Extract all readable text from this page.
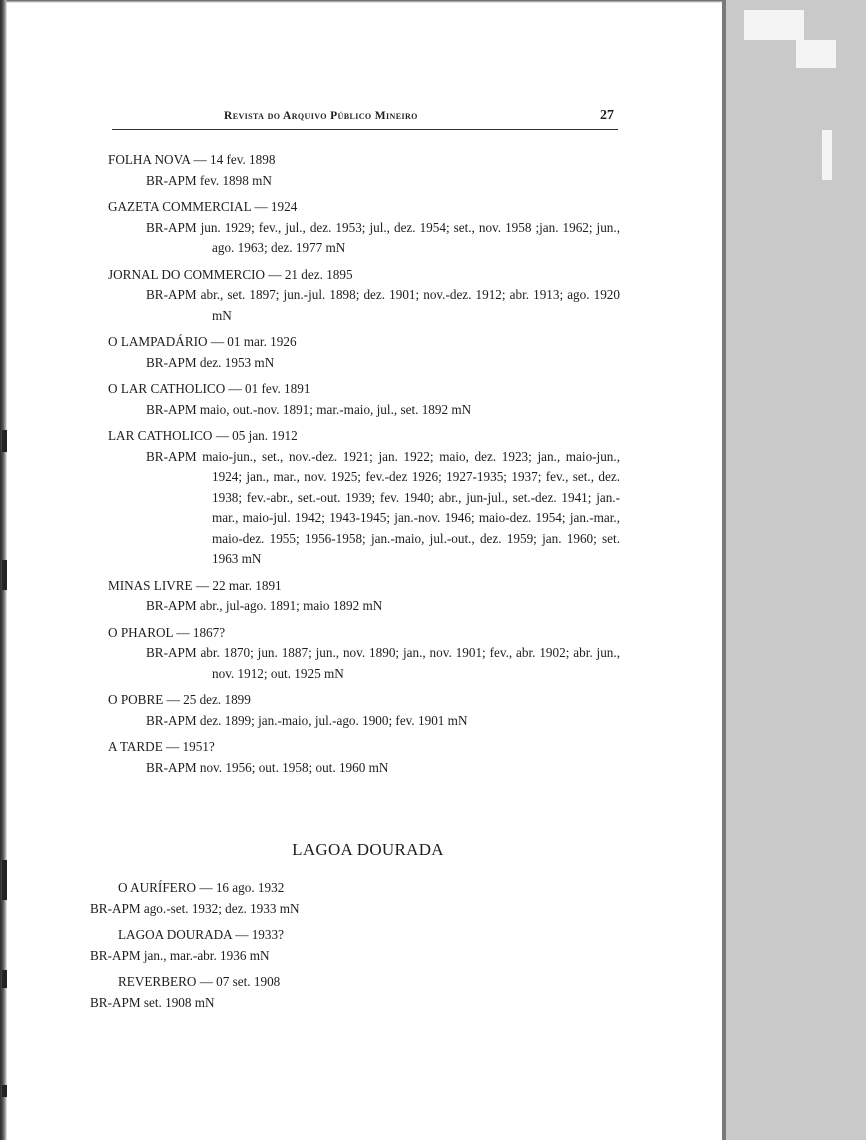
Revista do Arquivo Público Mineiro	27
FOLHA NOVA — 14 fev. 1898
BR-APM fev. 1898 mN
GAZETA COMMERCIAL — 1924
BR-APM jun. 1929; fev., jul., dez. 1953; jul., dez. 1954; set., nov. 1958 ;jan. 1962; jun., ago. 1963; dez. 1977 mN
JORNAL DO COMMERCIO — 21 dez. 1895
BR-APM abr., set. 1897; jun.-jul. 1898; dez. 1901; nov.-dez. 1912; abr. 1913; ago. 1920 mN
O LAMPADÁRIO — 01 mar. 1926
BR-APM dez. 1953 mN
O LAR CATHOLICO — 01 fev. 1891
BR-APM maio, out.-nov. 1891; mar.-maio, jul., set. 1892 mN
LAR CATHOLICO — 05 jan. 1912
BR-APM maio-jun., set., nov.-dez. 1921; jan. 1922; maio, dez. 1923; jan., maio-jun., 1924; jan., mar., nov. 1925; fev.-dez 1926; 1927-1935; 1937; fev., set., dez. 1938; fev.-abr., set.-out. 1939; fev. 1940; abr., jun-jul., set.-dez. 1941; jan.-mar., maio-jul. 1942; 1943-1945; jan.-nov. 1946; maio-dez. 1954; jan.-mar., maio-dez. 1955; 1956-1958; jan.-maio, jul.-out., dez. 1959; jan. 1960; set. 1963 mN
MINAS LIVRE — 22 mar. 1891
BR-APM abr., jul-ago. 1891; maio 1892 mN
O PHAROL — 1867?
BR-APM abr. 1870; jun. 1887; jun., nov. 1890; jan., nov. 1901; fev., abr. 1902; abr. jun., nov. 1912; out. 1925 mN
O POBRE — 25 dez. 1899
BR-APM dez. 1899; jan.-maio, jul.-ago. 1900; fev. 1901 mN
A TARDE — 1951?
BR-APM nov. 1956; out. 1958; out. 1960 mN
LAGOA DOURADA
O AURÍFERO — 16 ago. 1932
BR-APM ago.-set. 1932; dez. 1933 mN
LAGOA DOURADA — 1933?
BR-APM jan., mar.-abr. 1936 mN
REVERBERO — 07 set. 1908
BR-APM set. 1908 mN
